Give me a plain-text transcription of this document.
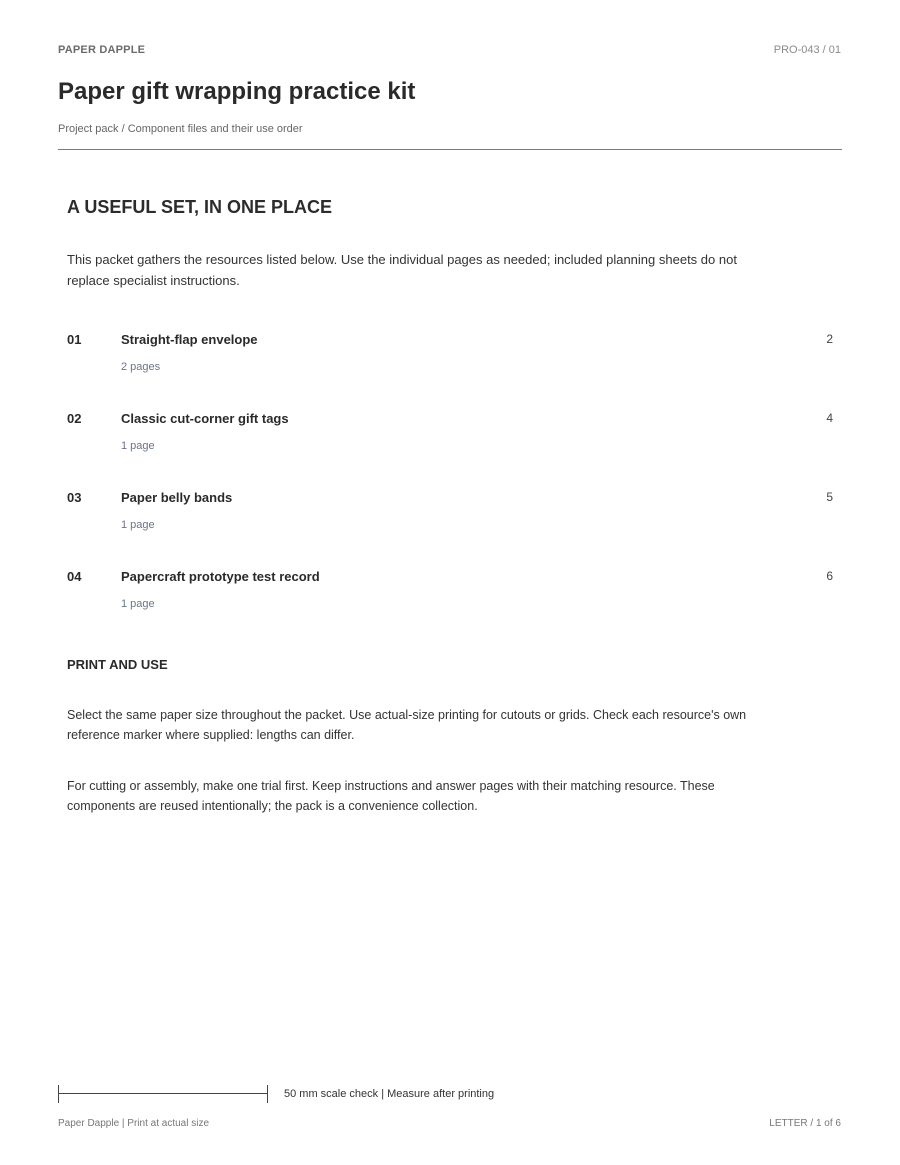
PAPER DAPPLE	PRO-043 / 01
Paper gift wrapping practice kit
Project pack / Component files and their use order
A USEFUL SET, IN ONE PLACE

This packet gathers the resources listed below. Use the individual pages as needed; included planning sheets do not replace specialist instructions.

01	Straight-flap envelope	2
2 pages
02	Classic cut-corner gift tags	4
1 page
03	Paper belly bands	5
1 page
04	Papercraft prototype test record	6
1 page
PRINT AND USE

Select the same paper size throughout the packet. Use actual-size printing for cutouts or grids. Check each resource's own reference marker where supplied: lengths can differ.

For cutting or assembly, make one trial first. Keep instructions and answer pages with their matching resource. These components are reused intentionally; the pack is a convenience collection.

50 mm scale check | Measure after printing
Paper Dapple | Print at actual size	LETTER / 1 of 6
